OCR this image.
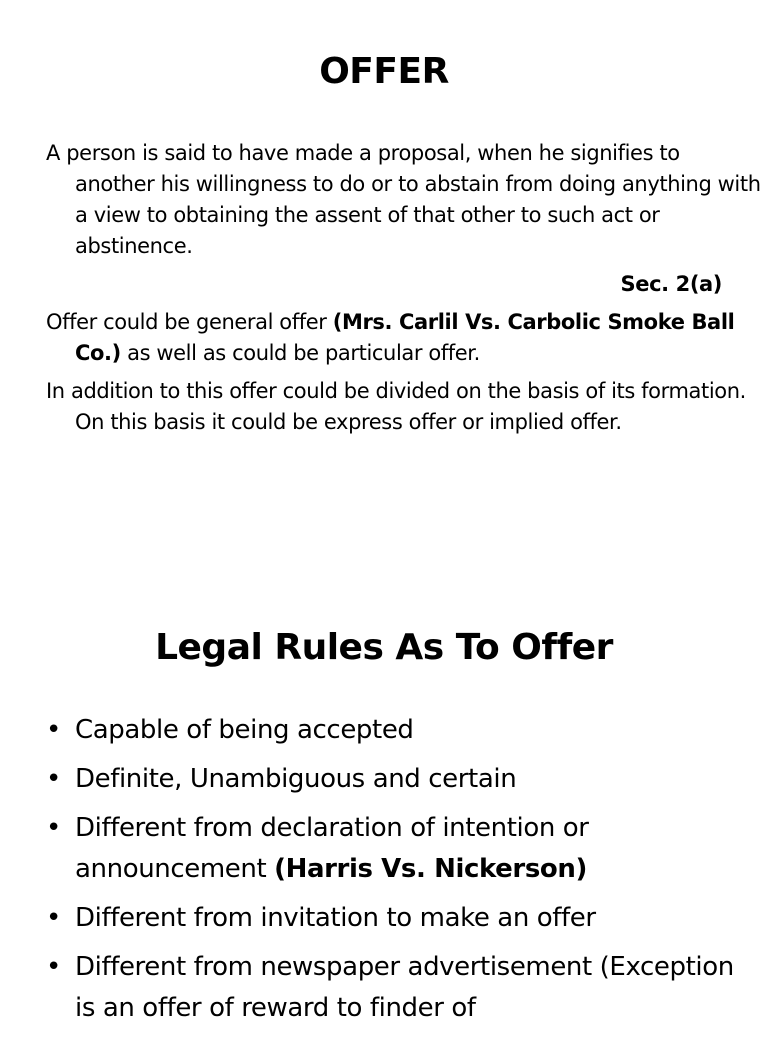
OFFER
A person is said to have made a proposal, when he signifies to another his willingness to do or to abstain from doing anything with a view to obtaining the assent of that other to such act or abstinence.
Sec. 2(a)
Offer could be general offer (Mrs. Carlil Vs. Carbolic Smoke Ball Co.) as well as could be particular offer.
In addition to this offer could be divided on the basis of its formation. On this basis it could be express offer or implied offer.
Legal Rules As To Offer
• Capable of being accepted
• Definite, Unambiguous and certain
• Different from declaration of intention or announcement (Harris Vs. Nickerson)
• Different from invitation to make an offer
• Different from newspaper advertisement (Exception is an offer of reward to finder of
